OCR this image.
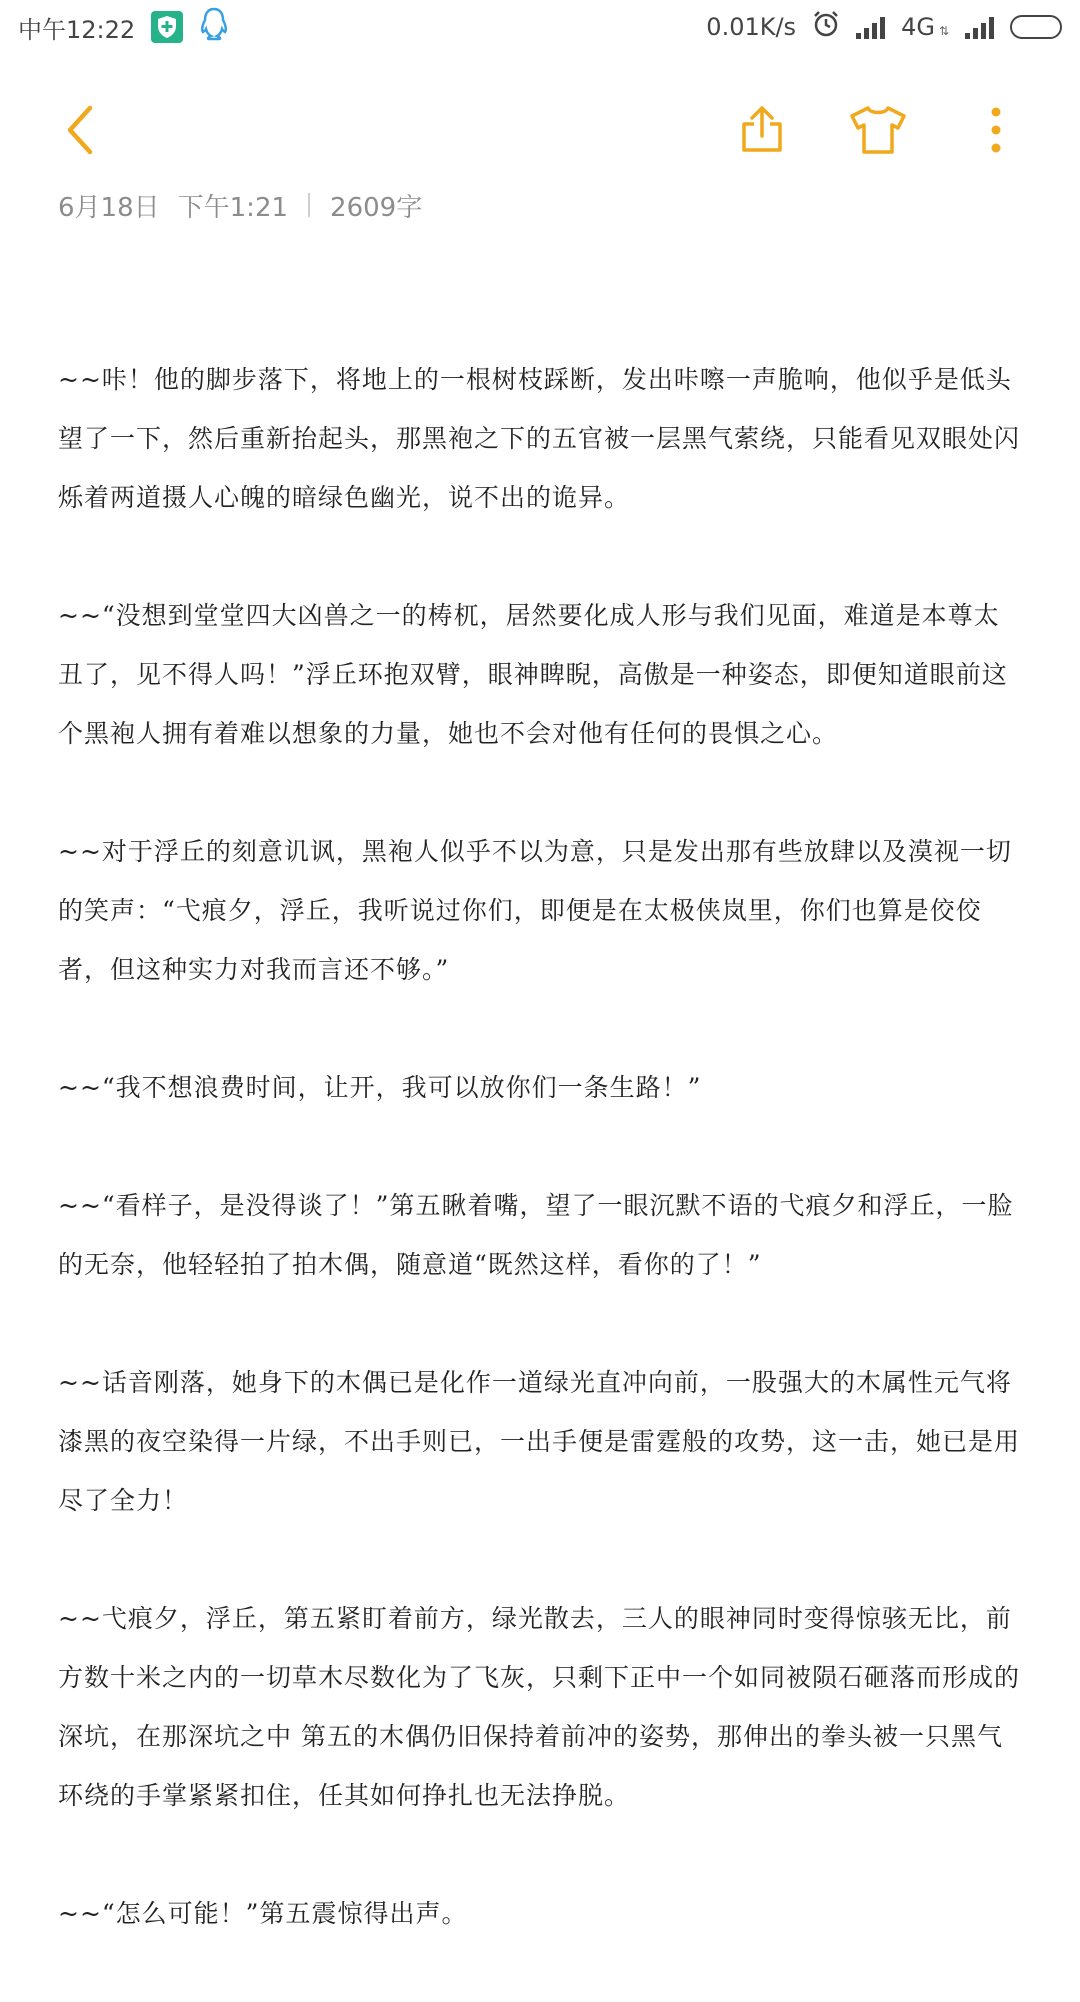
中午12:22	0.01K/s	4G ⇅
6月18日 下午1:21 2609字

~~咔！他的脚步落下，将地上的一根树枝踩断，发出咔嚓一声脆响，他似乎是低头望了一下，然后重新抬起头，那黑袍之下的五官被一层黑气萦绕，只能看见双眼处闪烁着两道摄人心魄的暗绿色幽光，说不出的诡异。

~~“没想到堂堂四大凶兽之一的梼杌，居然要化成人形与我们见面，难道是本尊太丑了，见不得人吗！”浮丘环抱双臂，眼神睥睨，高傲是一种姿态，即便知道眼前这个黑袍人拥有着难以想象的力量，她也不会对他有任何的畏惧之心。

~~对于浮丘的刻意讥讽，黑袍人似乎不以为意，只是发出那有些放肆以及漠视一切的笑声：“弋痕夕，浮丘，我听说过你们，即便是在太极侠岚里，你们也算是佼佼者，但这种实力对我而言还不够。”

~~“我不想浪费时间，让开，我可以放你们一条生路！”

~~“看样子，是没得谈了！”第五瞅着嘴，望了一眼沉默不语的弋痕夕和浮丘，一脸的无奈，他轻轻拍了拍木偶，随意道“既然这样，看你的了！”

~~话音刚落，她身下的木偶已是化作一道绿光直冲向前，一股强大的木属性元气将漆黑的夜空染得一片绿，不出手则已，一出手便是雷霆般的攻势，这一击，她已是用尽了全力！

~~弋痕夕，浮丘，第五紧盯着前方，绿光散去，三人的眼神同时变得惊骇无比，前方数十米之内的一切草木尽数化为了飞灰，只剩下正中一个如同被陨石砸落而形成的深坑，在那深坑之中 第五的木偶仍旧保持着前冲的姿势，那伸出的拳头被一只黑气环绕的手掌紧紧扣住，任其如何挣扎也无法挣脱。

~~“怎么可能！”第五震惊得出声。
